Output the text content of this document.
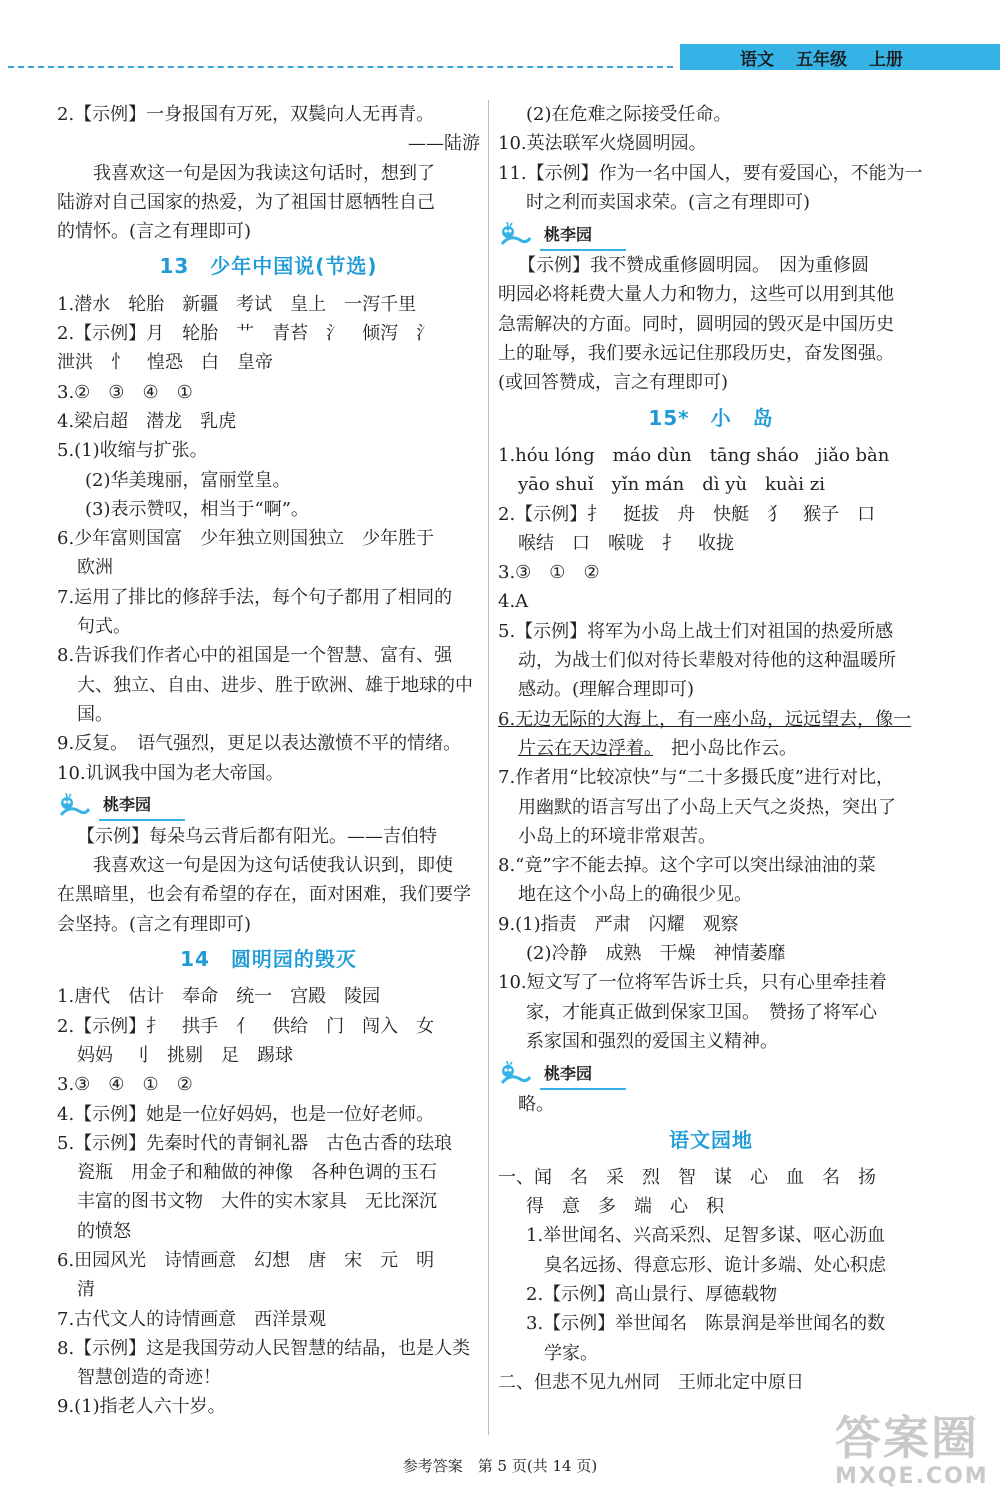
语文 五年级 上册

2.【示例】一身报国有万死，双鬓向人无再青。

——陆游

我喜欢这一句是因为我读这句话时，想到了

陆游对自己国家的热爱，为了祖国甘愿牺牲自己

的情怀。(言之有理即可)

13　少年中国说(节选)

1.潜水　轮胎　新疆　考试　皇上　一泻千里

2.【示例】月　轮胎　艹　青苔　氵　倾泻　氵

泄洪　忄　惶恐　白　皇帝

3.②　③　④　①

4.梁启超　潜龙　乳虎

5.(1)收缩与扩张。

(2)华美瑰丽，富丽堂皇。

(3)表示赞叹，相当于“啊”。

6.少年富则国富　少年独立则国独立　少年胜于

欧洲

7.运用了排比的修辞手法，每个句子都用了相同的

句式。

8.告诉我们作者心中的祖国是一个智慧、富有、强

大、独立、自由、进步、胜于欧洲、雄于地球的中国。

9.反复。　语气强烈，更足以表达激愤不平的情绪。

10.讥讽我中国为老大帝国。

桃李园

【示例】每朵乌云背后都有阳光。——吉伯特

我喜欢这一句是因为这句话使我认识到，即使

在黑暗里，也会有希望的存在，面对困难，我们要学

会坚持。(言之有理即可)

14　圆明园的毁灭

1.唐代　估计　奉命　统一　宫殿　陵园

2.【示例】扌　拱手　亻　供给　门　闯入　女

妈妈　刂　挑剔　足　踢球

3.③　④　①　②

4.【示例】她是一位好妈妈，也是一位好老师。

5.【示例】先秦时代的青铜礼器　古色古香的珐琅

瓷瓶　用金子和釉做的神像　各种色调的玉石

丰富的图书文物　大件的实木家具　无比深沉

的愤怒

6.田园风光　诗情画意　幻想　唐　宋　元　明

清

7.古代文人的诗情画意　西洋景观

8.【示例】这是我国劳动人民智慧的结晶，也是人类

智慧创造的奇迹！

9.(1)指老人六十岁。

(2)在危难之际接受任命。

10.英法联军火烧圆明园。

11.【示例】作为一名中国人，要有爱国心，不能为一

时之利而卖国求荣。(言之有理即可)

桃李园

【示例】我不赞成重修圆明园。　因为重修圆

明园必将耗费大量人力和物力，这些可以用到其他

急需解决的方面。同时，圆明园的毁灭是中国历史

上的耻辱，我们要永远记住那段历史，奋发图强。

(或回答赞成，言之有理即可)

15*　小　岛

1.hóu lóng　máo dùn　tāng sháo　jiǎo bàn

yāo shuǐ　yǐn mán　dì yù　kuài zi

2.【示例】扌　挺拔　舟　快艇　犭　猴子　口

喉结　口　喉咙　扌　收拢

3.③　①　②

4.A

5.【示例】将军为小岛上战士们对祖国的热爱所感

动，为战士们似对待长辈般对待他的这种温暖所

感动。(理解合理即可)

6.无边无际的大海上，有一座小岛，远远望去，像一

片云在天边浮着。　把小岛比作云。

7.作者用“比较凉快”与“二十多摄氏度”进行对比，

用幽默的语言写出了小岛上天气之炎热，突出了

小岛上的环境非常艰苦。

8.“竟”字不能去掉。这个字可以突出绿油油的菜

地在这个小岛上的确很少见。

9.(1)指责　严肃　闪耀　观察

(2)冷静　成熟　干燥　神情萎靡

10.短文写了一位将军告诉士兵，只有心里牵挂着

家，才能真正做到保家卫国。　赞扬了将军心

系家国和强烈的爱国主义精神。

桃李园

略。

语文园地

一、闻　名　采　烈　智　谋　心　血　名　扬

得　意　多　端　心　积

1.举世闻名、兴高采烈、足智多谋、呕心沥血

臭名远扬、得意忘形、诡计多端、处心积虑

2.【示例】高山景行、厚德载物

3.【示例】举世闻名　陈景润是举世闻名的数

学家。

二、但悲不见九州同　王师北定中原日

参考答案　第 5 页(共 14 页)
答案圈
MXQE.COM
